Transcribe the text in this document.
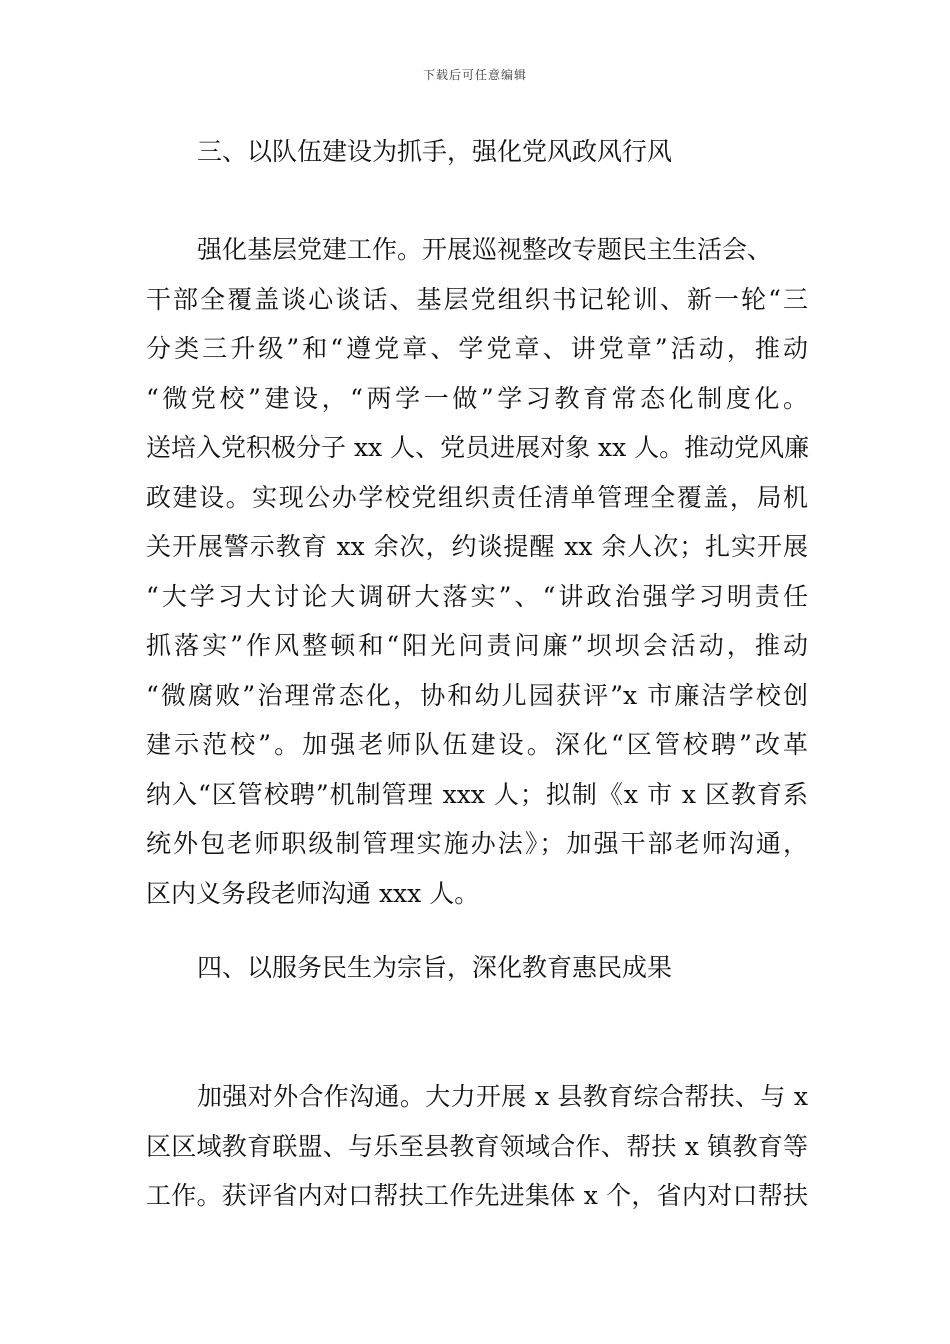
下载后可任意编辑
三、以队伍建设为抓手，强化党风政风行风
强化基层党建工作。开展巡视整改专题民主生活会、
干部全覆盖谈心谈话、基层党组织书记轮训、新一轮“三
分类三升级”和“遵党章、学党章、讲党章”活动，推动
“微党校”建设，“两学一做”学习教育常态化制度化。
送培入党积极分子 xx 人、党员进展对象 xx 人。推动党风廉
政建设。实现公办学校党组织责任清单管理全覆盖，局机
关开展警示教育 xx 余次，约谈提醒 xx 余人次；扎实开展
“大学习大讨论大调研大落实”、“讲政治强学习明责任
抓落实”作风整顿和“阳光问责问廉”坝坝会活动，推动
“微腐败”治理常态化，协和幼儿园获评”x 市廉洁学校创
建示范校”。加强老师队伍建设。深化“区管校聘”改革
纳入“区管校聘”机制管理 xxx 人；拟制《x 市 x 区教育系
统外包老师职级制管理实施办法》；加强干部老师沟通，
区内义务段老师沟通 xxx 人。
四、以服务民生为宗旨，深化教育惠民成果
加强对外合作沟通。大力开展 x 县教育综合帮扶、与 x
区区域教育联盟、与乐至县教育领域合作、帮扶 x 镇教育等
工作。获评省内对口帮扶工作先进集体 x 个，省内对口帮扶
